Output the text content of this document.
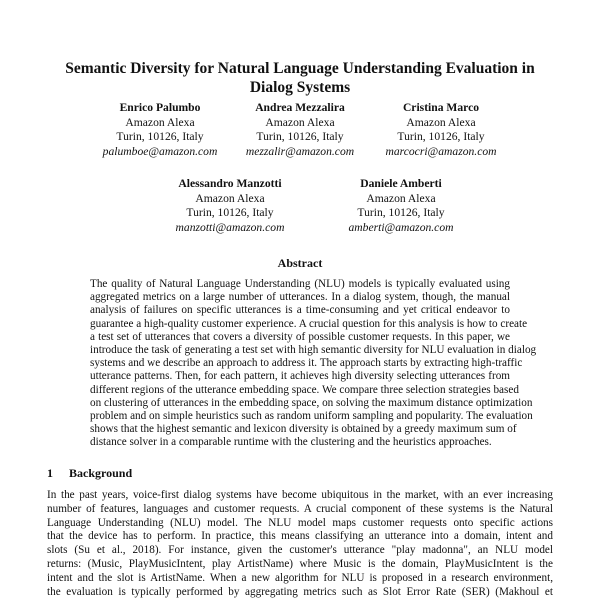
Semantic Diversity for Natural Language Understanding Evaluation in Dialog Systems
Enrico Palumbo
Amazon Alexa
Turin, 10126, Italy
palumboe@amazon.com
Andrea Mezzalira
Amazon Alexa
Turin, 10126, Italy
mezzalir@amazon.com
Cristina Marco
Amazon Alexa
Turin, 10126, Italy
marcocri@amazon.com
Alessandro Manzotti
Amazon Alexa
Turin, 10126, Italy
manzotti@amazon.com
Daniele Amberti
Amazon Alexa
Turin, 10126, Italy
amberti@amazon.com
Abstract
The quality of Natural Language Understanding (NLU) models is typically evaluated using
aggregated metrics on a large number of utterances. In a dialog system, though, the manual
analysis of failures on specific utterances is a time-consuming and yet critical endeavor to
guarantee a high-quality customer experience. A crucial question for this analysis is how to create
a test set of utterances that covers a diversity of possible customer requests. In this paper, we
introduce the task of generating a test set with high semantic diversity for NLU evaluation in dialog
systems and we describe an approach to address it. The approach starts by extracting high-traffic
utterance patterns. Then, for each pattern, it achieves high diversity selecting utterances from
different regions of the utterance embedding space. We compare three selection strategies based
on clustering of utterances in the embedding space, on solving the maximum distance optimization
problem and on simple heuristics such as random uniform sampling and popularity. The evaluation
shows that the highest semantic and lexicon diversity is obtained by a greedy maximum sum of
distance solver in a comparable runtime with the clustering and the heuristics approaches.
1 Background
In the past years, voice-first dialog systems have become ubiquitous in the market, with an ever increasing
number of features, languages and customer requests. A crucial component of these systems is the Natural
Language Understanding (NLU) model. The NLU model maps customer requests onto specific actions
that the device has to perform. In practice, this means classifying an utterance into a domain, intent and
slots (Su et al., 2018). For instance, given the customer's utterance "play madonna", an NLU model
returns: (Music, PlayMusicIntent, play ArtistName) where Music is the domain, PlayMusicIntent is the
intent and the slot is ArtistName. When a new algorithm for NLU is proposed in a research environment,
the evaluation is typically performed by aggregating metrics such as Slot Error Rate (SER) (Makhoul et
